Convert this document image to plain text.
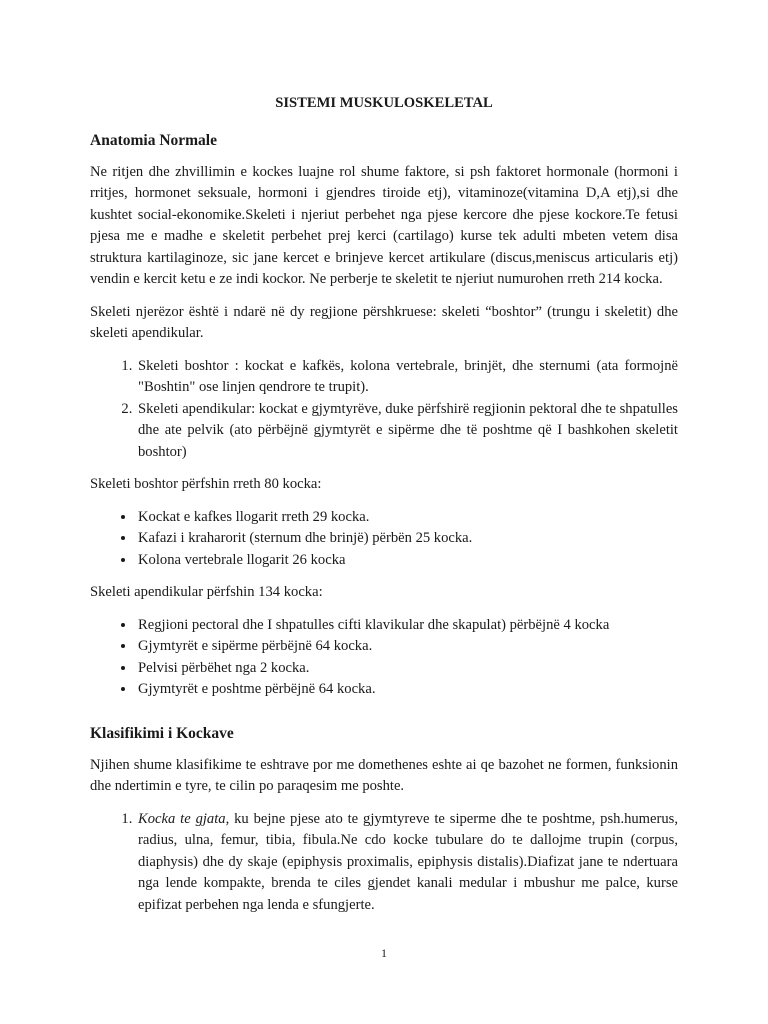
SISTEMI MUSKULOSKELETAL
Anatomia Normale

Ne ritjen dhe zhvillimin e kockes luajne rol shume faktore, si psh faktoret hormonale (hormoni i rritjes, hormonet seksuale, hormoni i gjendres tiroide etj), vitaminoze(vitamina D,A etj),si dhe kushtet social-ekonomike.Skeleti i njeriut perbehet nga pjese kercore dhe pjese kockore.Te fetusi pjesa me e madhe e skeletit perbehet prej kerci (cartilago) kurse tek adulti mbeten vetem disa struktura kartilaginoze, sic jane kercet e brinjeve kercet artikulare (discus,meniscus articularis etj) vendin e kercit ketu e ze indi kockor. Ne perberje te skeletit te njeriut numurohen rreth 214 kocka.

Skeleti njerëzor është i ndarë në dy regjione përshkruese: skeleti “boshtor” (trungu i skeletit) dhe skeleti apendikular.

1. Skeleti boshtor : kockat e kafkës, kolona vertebrale, brinjët, dhe sternumi (ata formojnë "Boshtin" ose linjen qendrore te trupit).
2. Skeleti apendikular: kockat e gjymtyrëve, duke përfshirë regjionin pektoral dhe te shpatulles dhe ate pelvik (ato përbëjnë gjymtyrët e sipërme dhe të poshtme që I bashkohen skeletit boshtor)

Skeleti boshtor përfshin rreth 80 kocka:

• Kockat e kafkes llogarit rreth 29 kocka.
• Kafazi i kraharorit (sternum dhe brinjë) përbën 25 kocka.
• Kolona vertebrale llogarit 26 kocka

Skeleti apendikular përfshin 134 kocka:

• Regjioni pectoral dhe I shpatulles cifti klavikular dhe skapulat) përbëjnë 4 kocka
• Gjymtyrët e sipërme përbëjnë 64 kocka.
• Pelvisi përbëhet nga 2 kocka.
• Gjymtyrët e poshtme përbëjnë 64 kocka.
Klasifikimi i Kockave

Njihen shume klasifikime te eshtrave por me domethenes eshte ai qe bazohet ne formen, funksionin dhe ndertimin e tyre, te cilin po paraqesim me poshte.

1. Kocka te gjata, ku bejne pjese ato te gjymtyreve te siperme dhe te poshtme, psh.humerus, radius, ulna, femur, tibia, fibula.Ne cdo kocke tubulare do te dallojme trupin (corpus, diaphysis) dhe dy skaje (epiphysis proximalis, epiphysis distalis).Diafizat jane te ndertuara nga lende kompakte, brenda te ciles gjendet kanali medular i mbushur me palce, kurse epifizat perbehen nga lenda e sfungjerte.
1
